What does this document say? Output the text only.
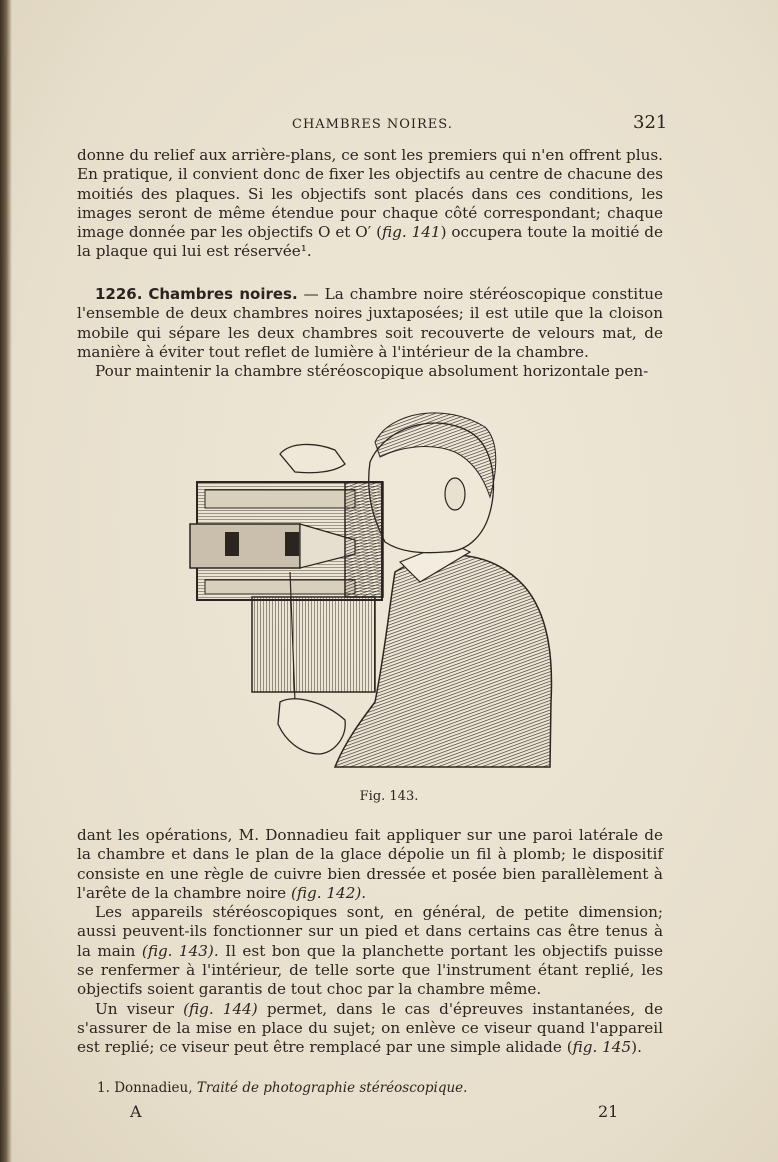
CHAMBRES NOIRES.	321

donne du relief aux arrière-plans, ce sont les premiers qui n'en offrent plus. En pratique, il convient donc de fixer les objectifs au centre de chacune des moitiés des plaques. Si les objectifs sont placés dans ces conditions, les images seront de même étendue pour chaque côté correspondant; chaque image donnée par les objectifs O et O′ (fig. 141) occupera toute la moitié de la plaque qui lui est réservée¹.

1226. Chambres noires. — La chambre noire stéréoscopique constitue l'ensemble de deux chambres noires juxtaposées; il est utile que la cloison mobile qui sépare les deux chambres soit recouverte de velours mat, de manière à éviter tout reflet de lumière à l'intérieur de la chambre.

Pour maintenir la chambre stéréoscopique absolument horizontale pen-

Fig. 143.

dant les opérations, M. Donnadieu fait appliquer sur une paroi latérale de la chambre et dans le plan de la glace dépolie un fil à plomb; le dispositif consiste en une règle de cuivre bien dressée et posée bien parallèlement à l'arête de la chambre noire (fig. 142).

Les appareils stéréoscopiques sont, en général, de petite dimension; aussi peuvent-ils fonctionner sur un pied et dans certains cas être tenus à la main (fig. 143). Il est bon que la planchette portant les objectifs puisse se renfermer à l'intérieur, de telle sorte que l'instrument étant replié, les objectifs soient garantis de tout choc par la chambre même.

Un viseur (fig. 144) permet, dans le cas d'épreuves instantanées, de s'assurer de la mise en place du sujet; on enlève ce viseur quand l'appareil est replié; ce viseur peut être remplacé par une simple alidade (fig. 145).

1. Donnadieu, Traité de photographie stéréoscopique.
A	21
